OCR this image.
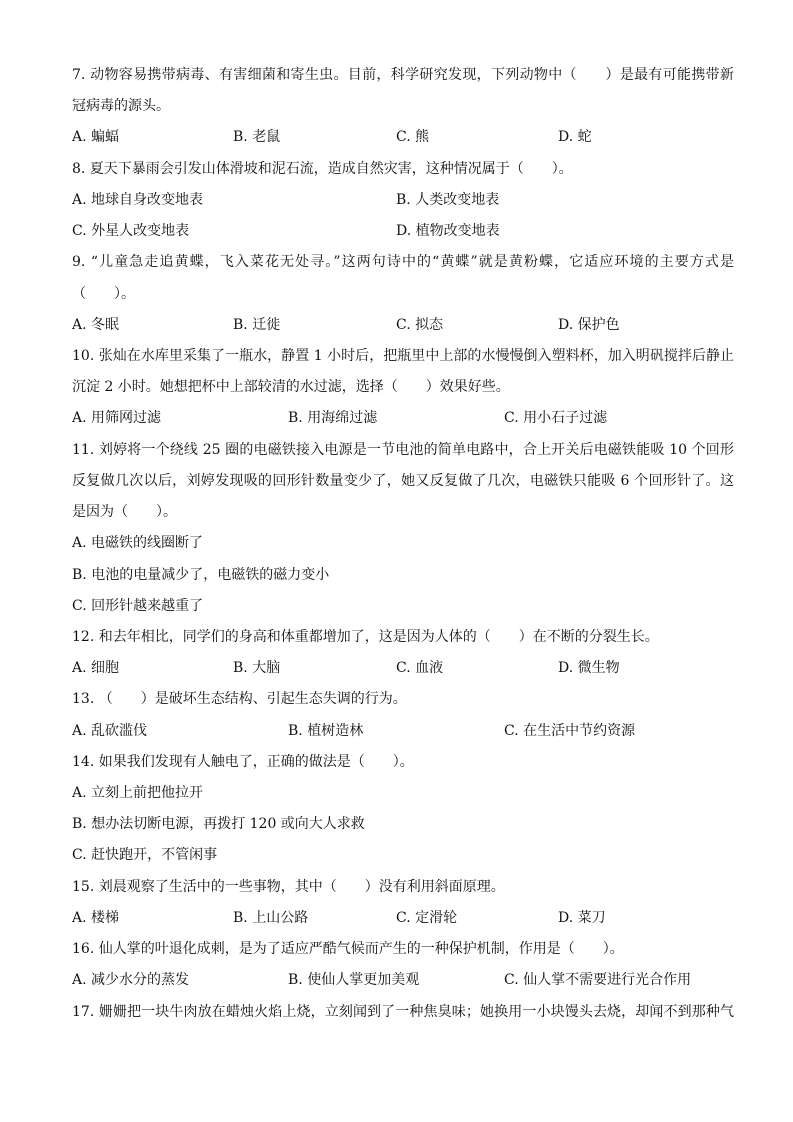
7. 动物容易携带病毒、有害细菌和寄生虫。目前，科学研究发现，下列动物中（　　）是最有可能携带新
冠病毒的源头。
A. 蝙蝠	B. 老鼠	C. 熊	D. 蛇
8. 夏天下暴雨会引发山体滑坡和泥石流，造成自然灾害，这种情况属于（　　）。
A. 地球自身改变地表	B. 人类改变地表
C. 外星人改变地表	D. 植物改变地表
9. “儿童急走追黄蝶，飞入菜花无处寻。”这两句诗中的“黄蝶”就是黄粉蝶，它适应环境的主要方式是
（　　）。
A. 冬眠	B. 迁徙	C. 拟态	D. 保护色
10. 张灿在水库里采集了一瓶水，静置 1 小时后，把瓶里中上部的水慢慢倒入塑料杯，加入明矾搅拌后静止
沉淀 2 小时。她想把杯中上部较清的水过滤，选择（　　）效果好些。
A. 用筛网过滤	B. 用海绵过滤	C. 用小石子过滤
11. 刘婷将一个绕线 25 圈的电磁铁接入电源是一节电池的简单电路中，合上开关后电磁铁能吸 10 个回形
反复做几次以后，刘婷发现吸的回形针数量变少了，她又反复做了几次，电磁铁只能吸 6 个回形针了。这
是因为（　　）。
A. 电磁铁的线圈断了
B. 电池的电量减少了，电磁铁的磁力变小
C. 回形针越来越重了
12. 和去年相比，同学们的身高和体重都增加了，这是因为人体的（　　）在不断的分裂生长。
A. 细胞	B. 大脑	C. 血液	D. 微生物
13. （　　）是破坏生态结构、引起生态失调的行为。
A. 乱砍滥伐	B. 植树造林	C. 在生活中节约资源
14. 如果我们发现有人触电了，正确的做法是（　　）。
A. 立刻上前把他拉开
B. 想办法切断电源，再拨打 120 或向大人求救
C. 赶快跑开，不管闲事
15. 刘晨观察了生活中的一些事物，其中（　　）没有利用斜面原理。
A. 楼梯	B. 上山公路	C. 定滑轮	D. 菜刀
16. 仙人掌的叶退化成刺，是为了适应严酷气候而产生的一种保护机制，作用是（　　）。
A. 减少水分的蒸发	B. 使仙人掌更加美观	C. 仙人掌不需要进行光合作用
17. 姗姗把一块牛肉放在蜡烛火焰上烧，立刻闻到了一种焦臭味；她换用一小块馒头去烧，却闻不到那种气
